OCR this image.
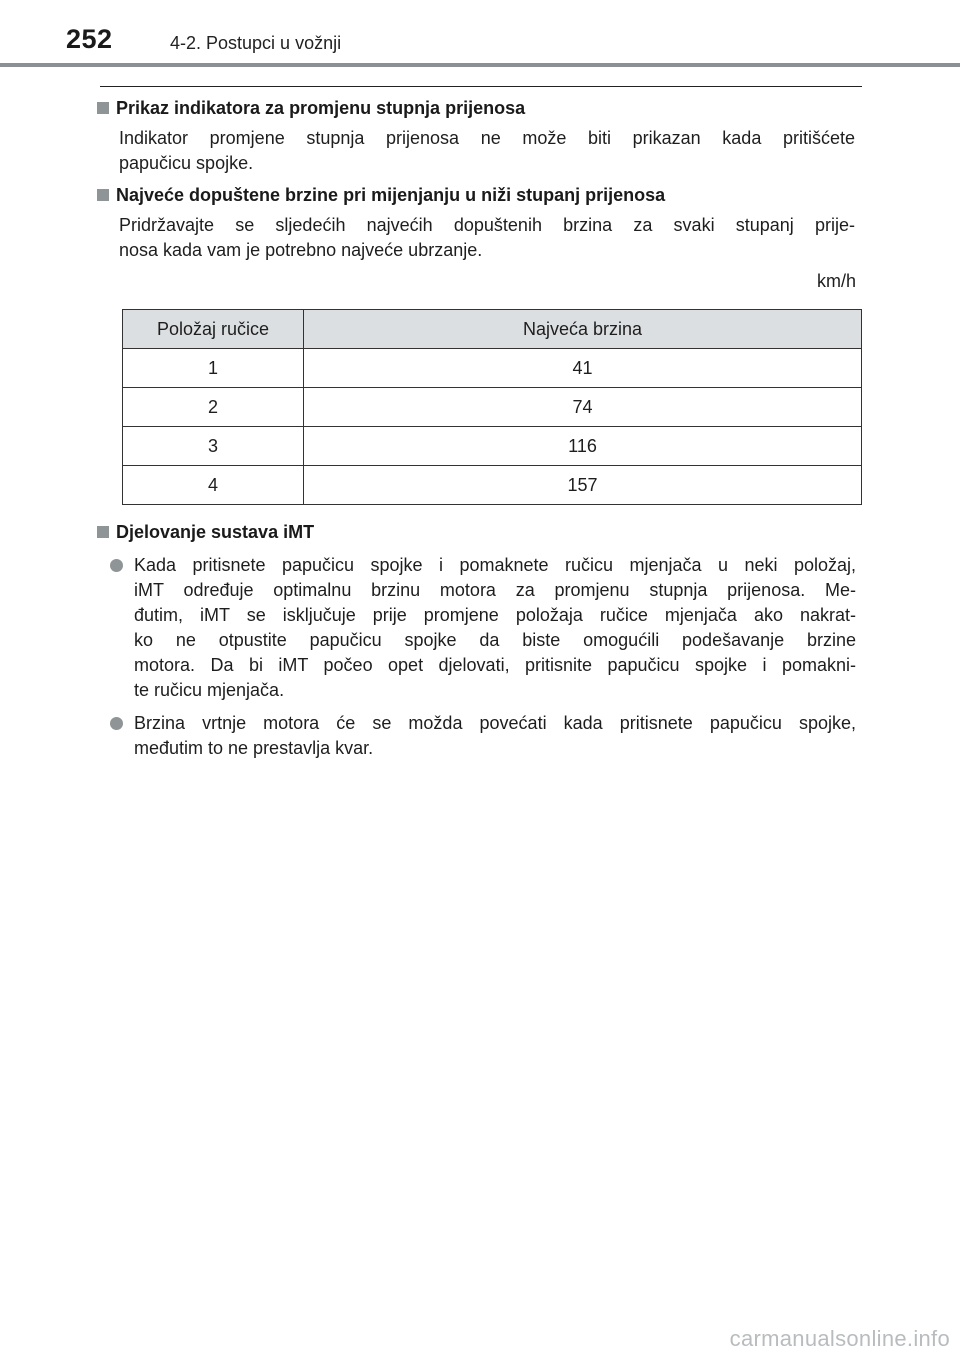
252	4-2. Postupci u vožnji
Prikaz indikatora za promjenu stupnja prijenosa
Indikator promjene stupnja prijenosa ne može biti prikazan kada pritišćete
papučicu spojke.
Najveće dopuštene brzine pri mijenjanju u niži stupanj prijenosa
Pridržavajte se sljedećih najvećih dopuštenih brzina za svaki stupanj prije-
nosa kada vam je potrebno najveće ubrzanje.
km/h
Položaj ručice	Najveća brzina
1	41
2	74
3	116
4	157
Djelovanje sustava iMT
Kada pritisnete papučicu spojke i pomaknete ručicu mjenjača u neki položaj,
iMT određuje optimalnu brzinu motora za promjenu stupnja prijenosa. Me-
đutim, iMT se isključuje prije promjene položaja ručice mjenjača ako nakrat-
ko ne otpustite papučicu spojke da biste omogućili podešavanje brzine
motora. Da bi iMT počeo opet djelovati, pritisnite papučicu spojke i pomakni-
te ručicu mjenjača.
Brzina vrtnje motora će se možda povećati kada pritisnete papučicu spojke,
međutim to ne prestavlja kvar.
carmanualsonline.info
